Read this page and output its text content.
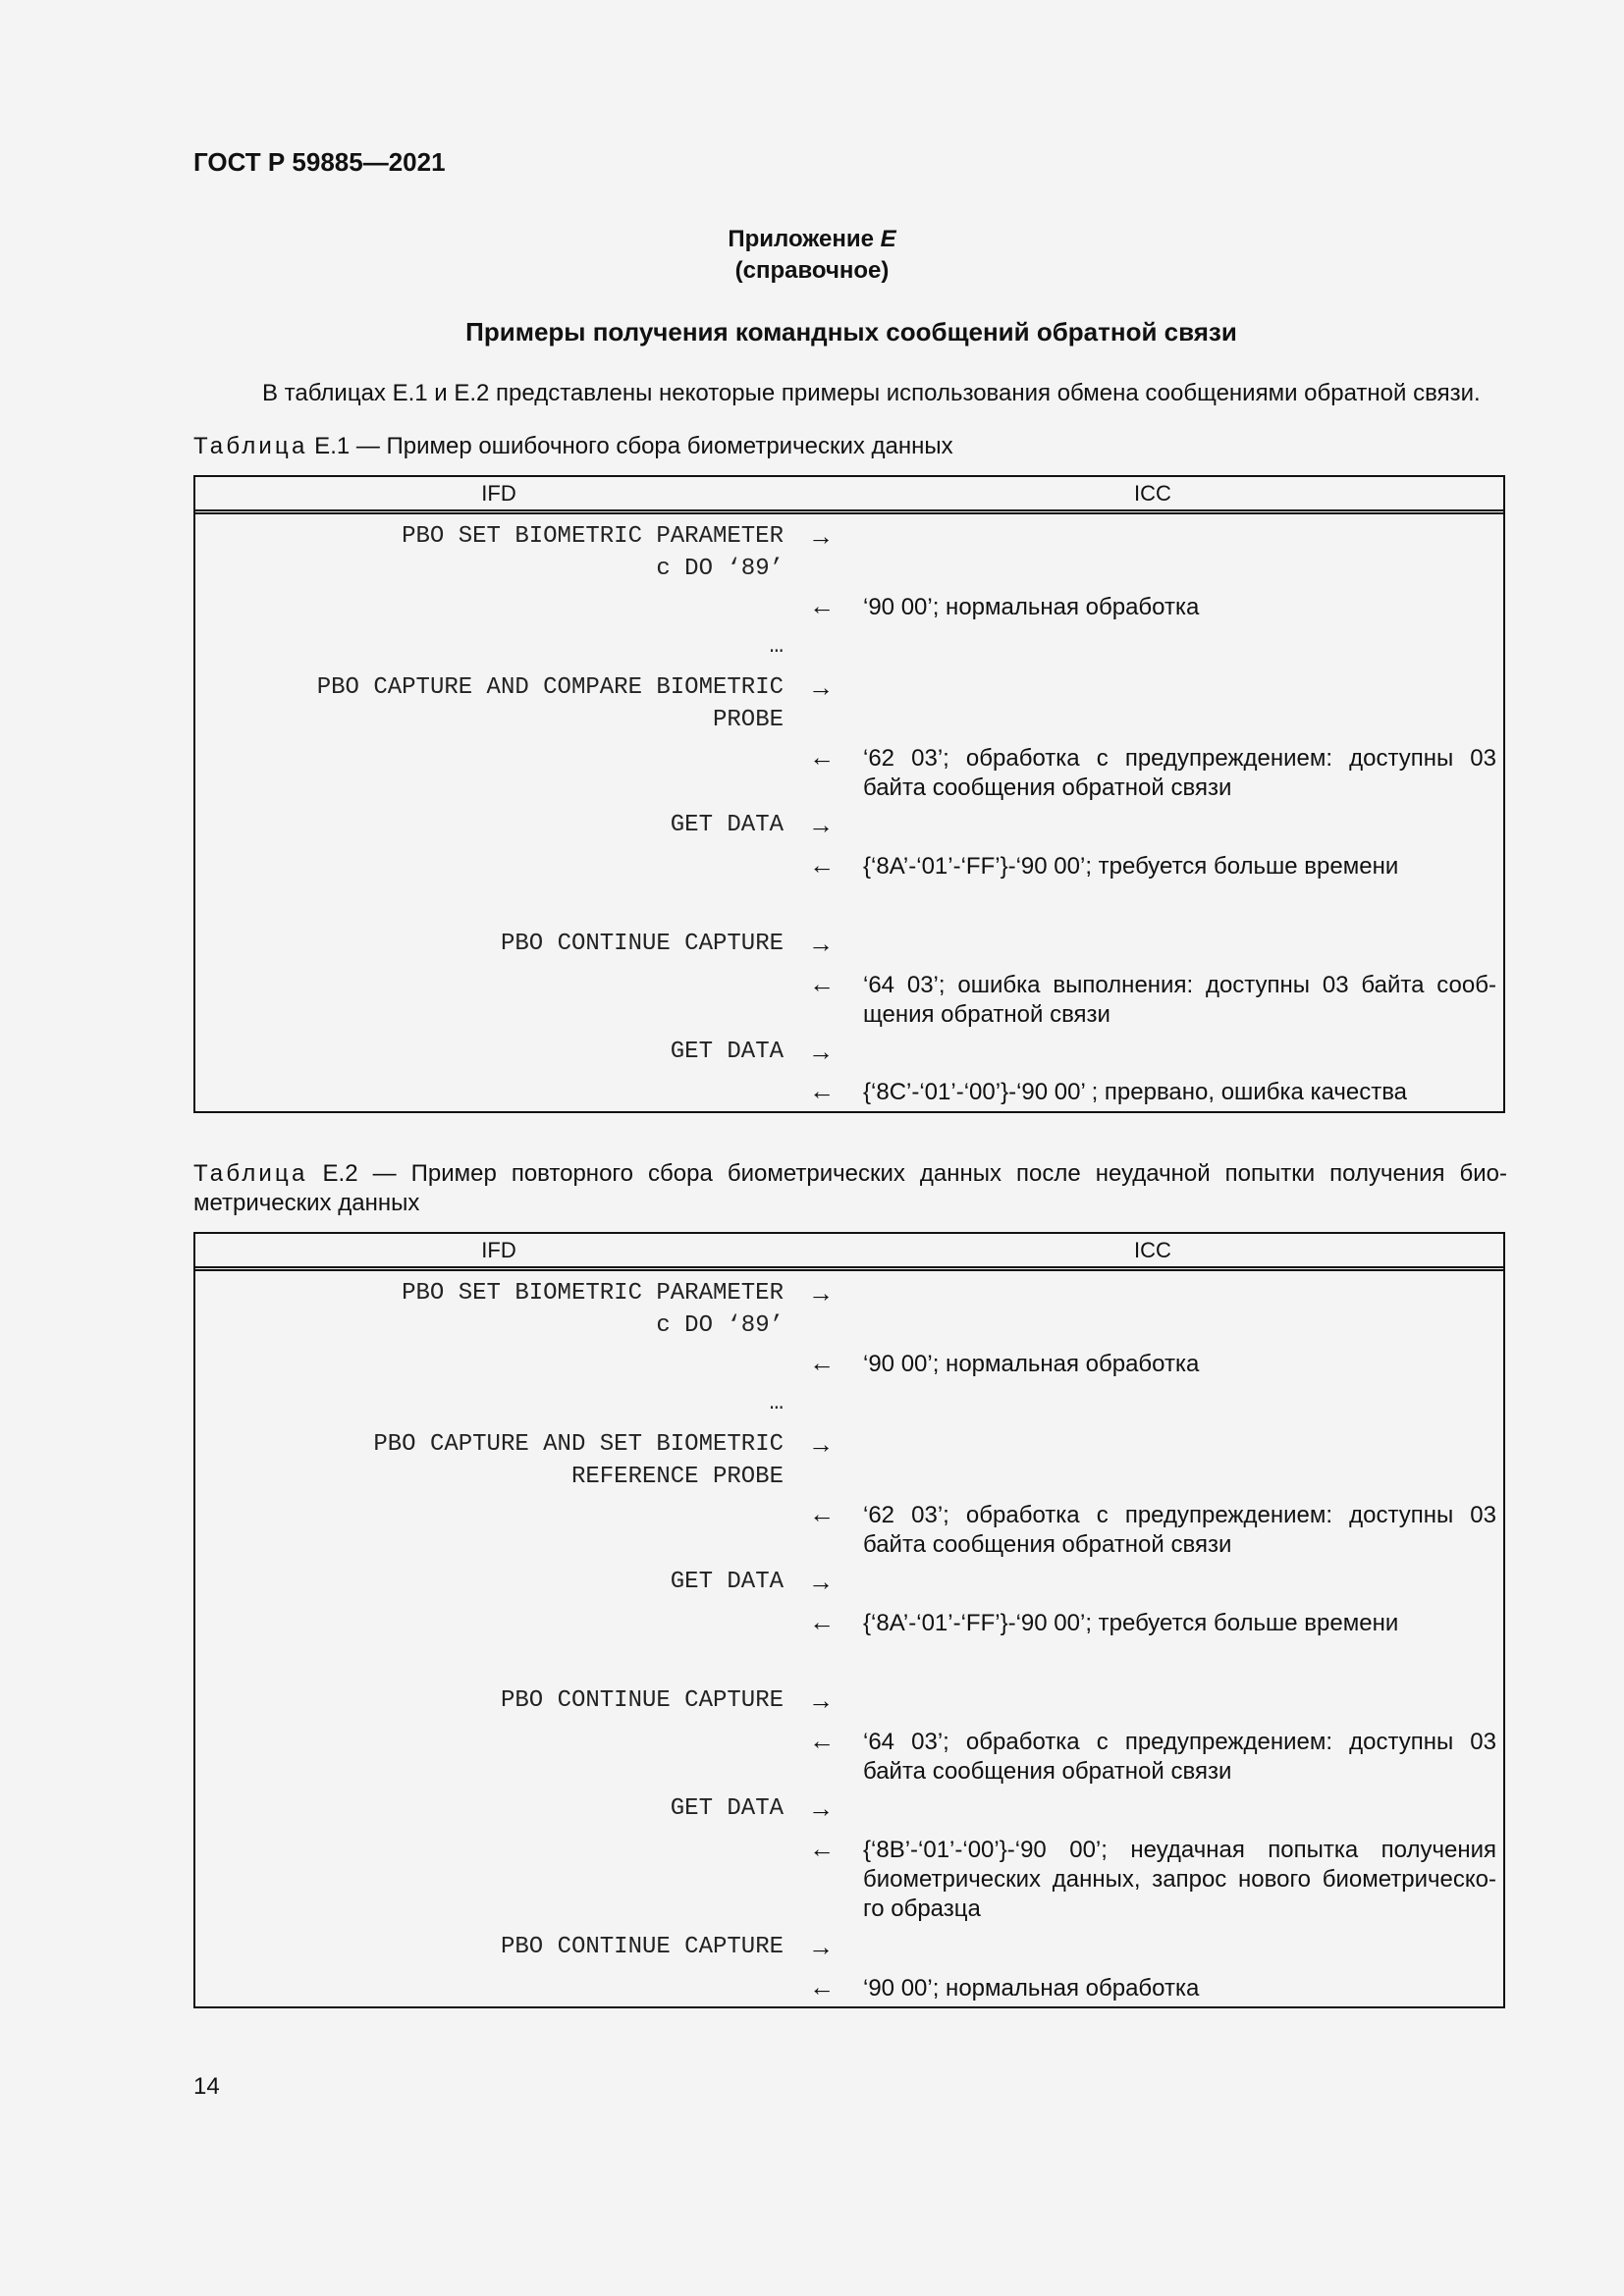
ГОСТ Р 59885—2021
Приложение E
(справочное)
Примеры получения командных сообщений обратной связи
В таблицах Е.1 и Е.2 представлены некоторые примеры использования обмена сообщениями обратной связи.
Таблица Е.1 — Пример ошибочного сбора биометрических данных
IFD	ICC
PBO SET BIOMETRIC PARAMETER
с DO ‘89’
→
← ‘90 00’; нормальная обработка
…
PBO CAPTURE AND COMPARE BIOMETRIC
PROBE
→
← ‘62 03’; обработка с предупреждением: доступны 03 байта сообщения обратной связи
GET DATA →
← {‘8A’-‘01’-‘FF’}-‘90 00’; требуется больше времени
PBO CONTINUE CAPTURE →
← ‘64 03’; ошибка выполнения: доступны 03 байта сооб-щения обратной связи
GET DATA →
← {‘8C’-‘01’-‘00’}-‘90 00’ ; прервано, ошибка качества
Таблица Е.2 — Пример повторного сбора биометрических данных после неудачной попытки получения био-метрических данных
IFD	ICC
PBO SET BIOMETRIC PARAMETER
с DO ‘89’
→
← ‘90 00’; нормальная обработка
…
PBO CAPTURE AND SET BIOMETRIC
REFERENCE PROBE
→
← ‘62 03’; обработка с предупреждением: доступны 03 байта сообщения обратной связи
GET DATA →
← {‘8A’-‘01’-‘FF’}-‘90 00’; требуется больше времени
PBO CONTINUE CAPTURE →
← ‘64 03’; обработка с предупреждением: доступны 03 байта сообщения обратной связи
GET DATA →
← {‘8B’-‘01’-‘00’}-‘90 00’; неудачная попытка получения биометрических данных, запрос нового биометрическо-го образца
PBO CONTINUE CAPTURE →
← ‘90 00’; нормальная обработка
14
